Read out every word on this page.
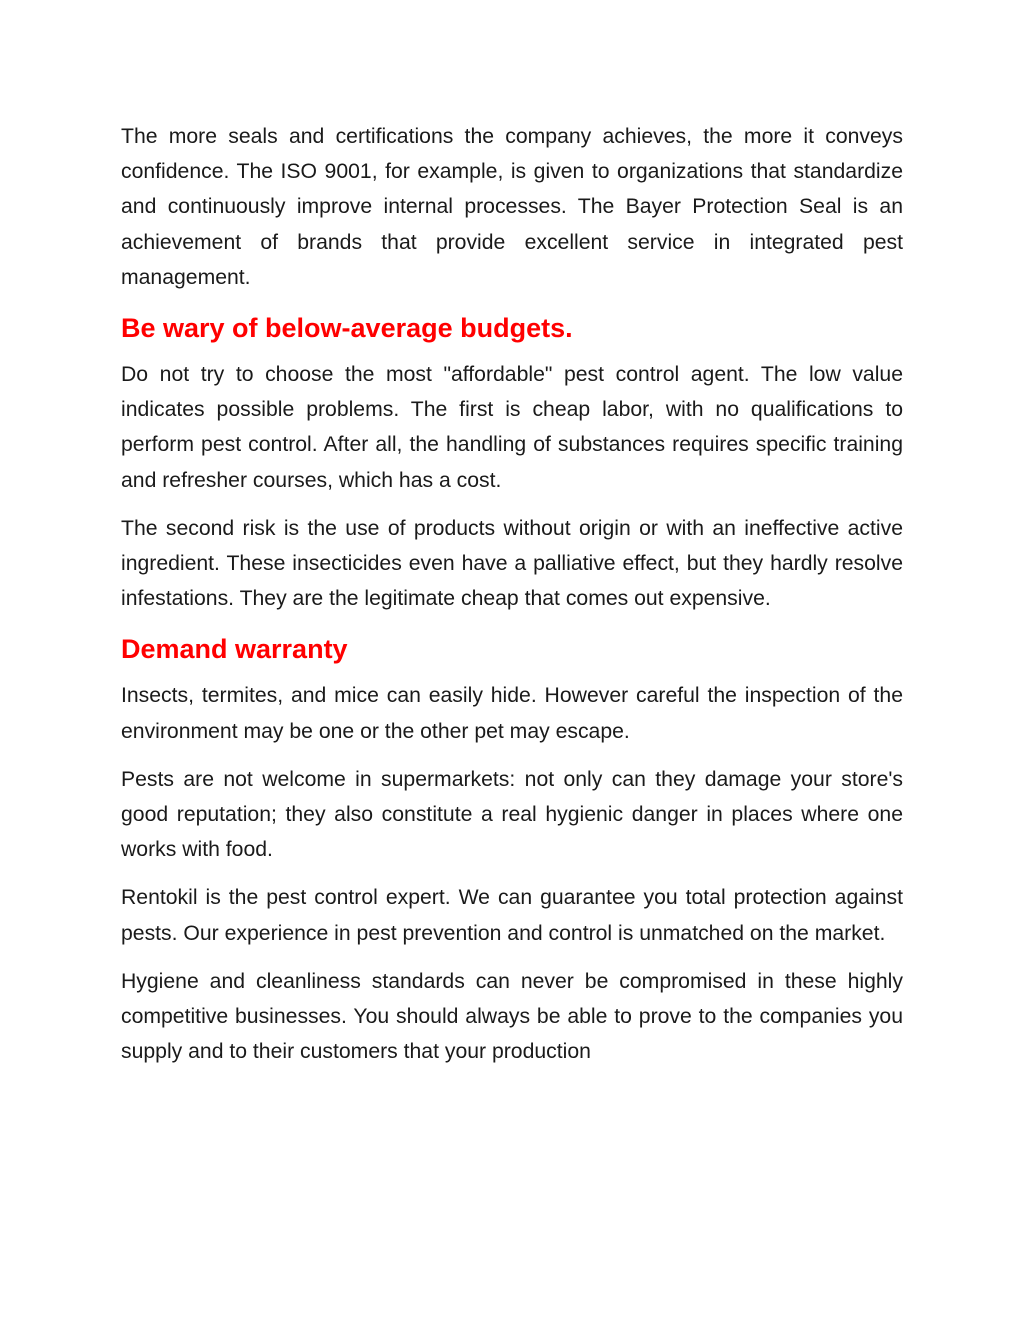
The more seals and certifications the company achieves, the more it conveys confidence. The ISO 9001, for example, is given to organizations that standardize and continuously improve internal processes. The Bayer Protection Seal is an achievement of brands that provide excellent service in integrated pest management.

Be wary of below-average budgets.

Do not try to choose the most "affordable" pest control agent. The low value indicates possible problems. The first is cheap labor, with no qualifications to perform pest control. After all, the handling of substances requires specific training and refresher courses, which has a cost.

The second risk is the use of products without origin or with an ineffective active ingredient. These insecticides even have a palliative effect, but they hardly resolve infestations. They are the legitimate cheap that comes out expensive.

Demand warranty

Insects, termites, and mice can easily hide. However careful the inspection of the environment may be one or the other pet may escape.

Pests are not welcome in supermarkets: not only can they damage your store's good reputation; they also constitute a real hygienic danger in places where one works with food.

Rentokil is the pest control expert. We can guarantee you total protection against pests. Our experience in pest prevention and control is unmatched on the market.

Hygiene and cleanliness standards can never be compromised in these highly competitive businesses. You should always be able to prove to the companies you supply and to their customers that your production
